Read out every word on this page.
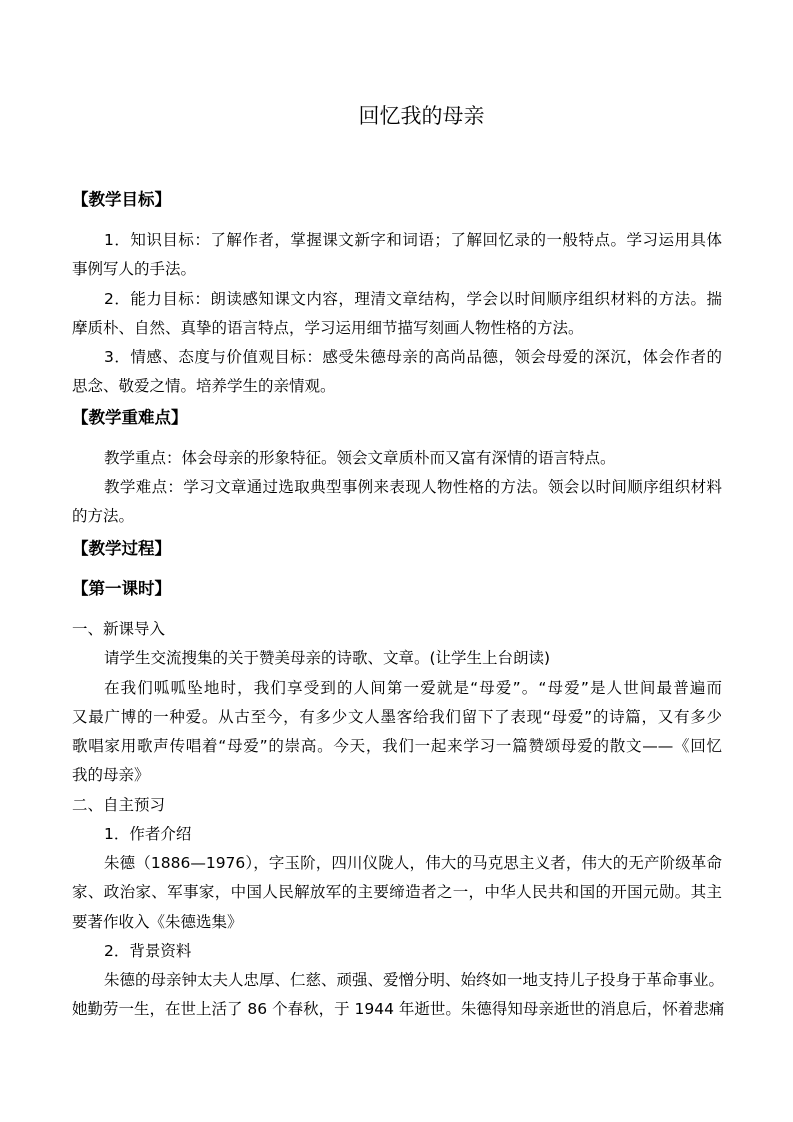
回忆我的母亲
【教学目标】
1．知识目标：了解作者，掌握课文新字和词语；了解回忆录的一般特点。学习运用具体
事例写人的手法。
2．能力目标：朗读感知课文内容，理清文章结构，学会以时间顺序组织材料的方法。揣
摩质朴、自然、真挚的语言特点，学习运用细节描写刻画人物性格的方法。
3．情感、态度与价值观目标：感受朱德母亲的高尚品德，领会母爱的深沉，体会作者的
思念、敬爱之情。培养学生的亲情观。
【教学重难点】
教学重点：体会母亲的形象特征。领会文章质朴而又富有深情的语言特点。
教学难点：学习文章通过选取典型事例来表现人物性格的方法。领会以时间顺序组织材料
的方法。
【教学过程】
【第一课时】
一、新课导入
请学生交流搜集的关于赞美母亲的诗歌、文章。(让学生上台朗读)
在我们呱呱坠地时，我们享受到的人间第一爱就是“母爱”。“母爱”是人世间最普遍而
又最广博的一种爱。从古至今，有多少文人墨客给我们留下了表现“母爱”的诗篇，又有多少
歌唱家用歌声传唱着“母爱”的崇高。今天，我们一起来学习一篇赞颂母爱的散文——《回忆
我的母亲》
二、自主预习
1．作者介绍
朱德（1886—1976），字玉阶，四川仪陇人，伟大的马克思主义者，伟大的无产阶级革命
家、政治家、军事家，中国人民解放军的主要缔造者之一，中华人民共和国的开国元勋。其主
要著作收入《朱德选集》
2．背景资料
朱德的母亲钟太夫人忠厚、仁慈、顽强、爱憎分明、始终如一地支持儿子投身于革命事业。
她勤劳一生，在世上活了 86 个春秋，于 1944 年逝世。朱德得知母亲逝世的消息后，怀着悲痛
